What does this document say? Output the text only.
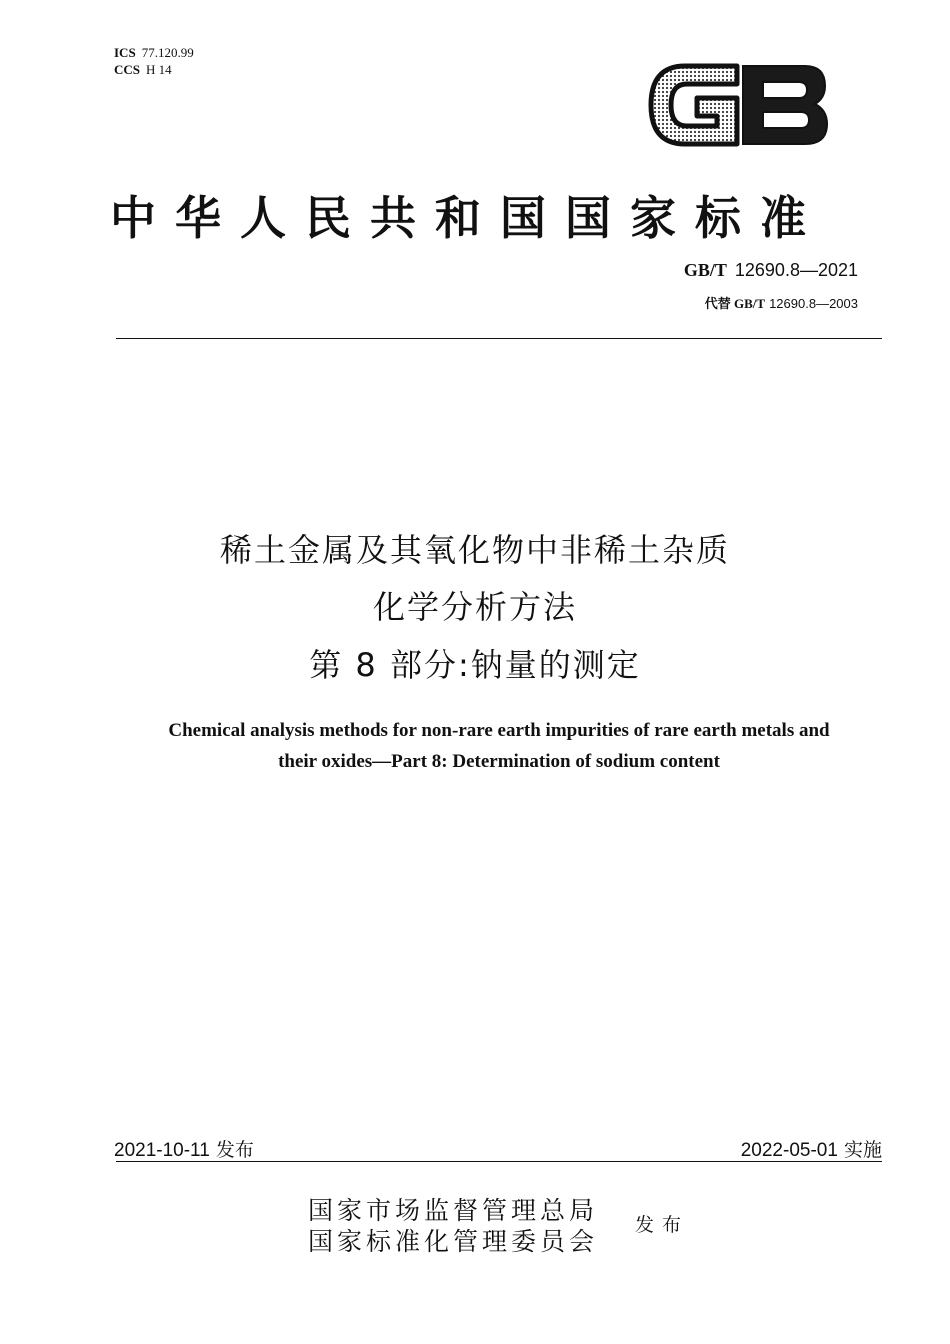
ICS 77.120.99
CCS H 14
中华人民共和国国家标准
GB/T 12690.8—2021
代替 GB/T 12690.8—2003
稀土金属及其氧化物中非稀土杂质
化学分析方法
第 8 部分:钠量的测定
Chemical analysis methods for non-rare earth impurities of rare earth metals and
their oxides—Part 8: Determination of sodium content
2021-10-11 发布	2022-05-01 实施
国家市场监督管理总局
国家标准化管理委员会
发布
